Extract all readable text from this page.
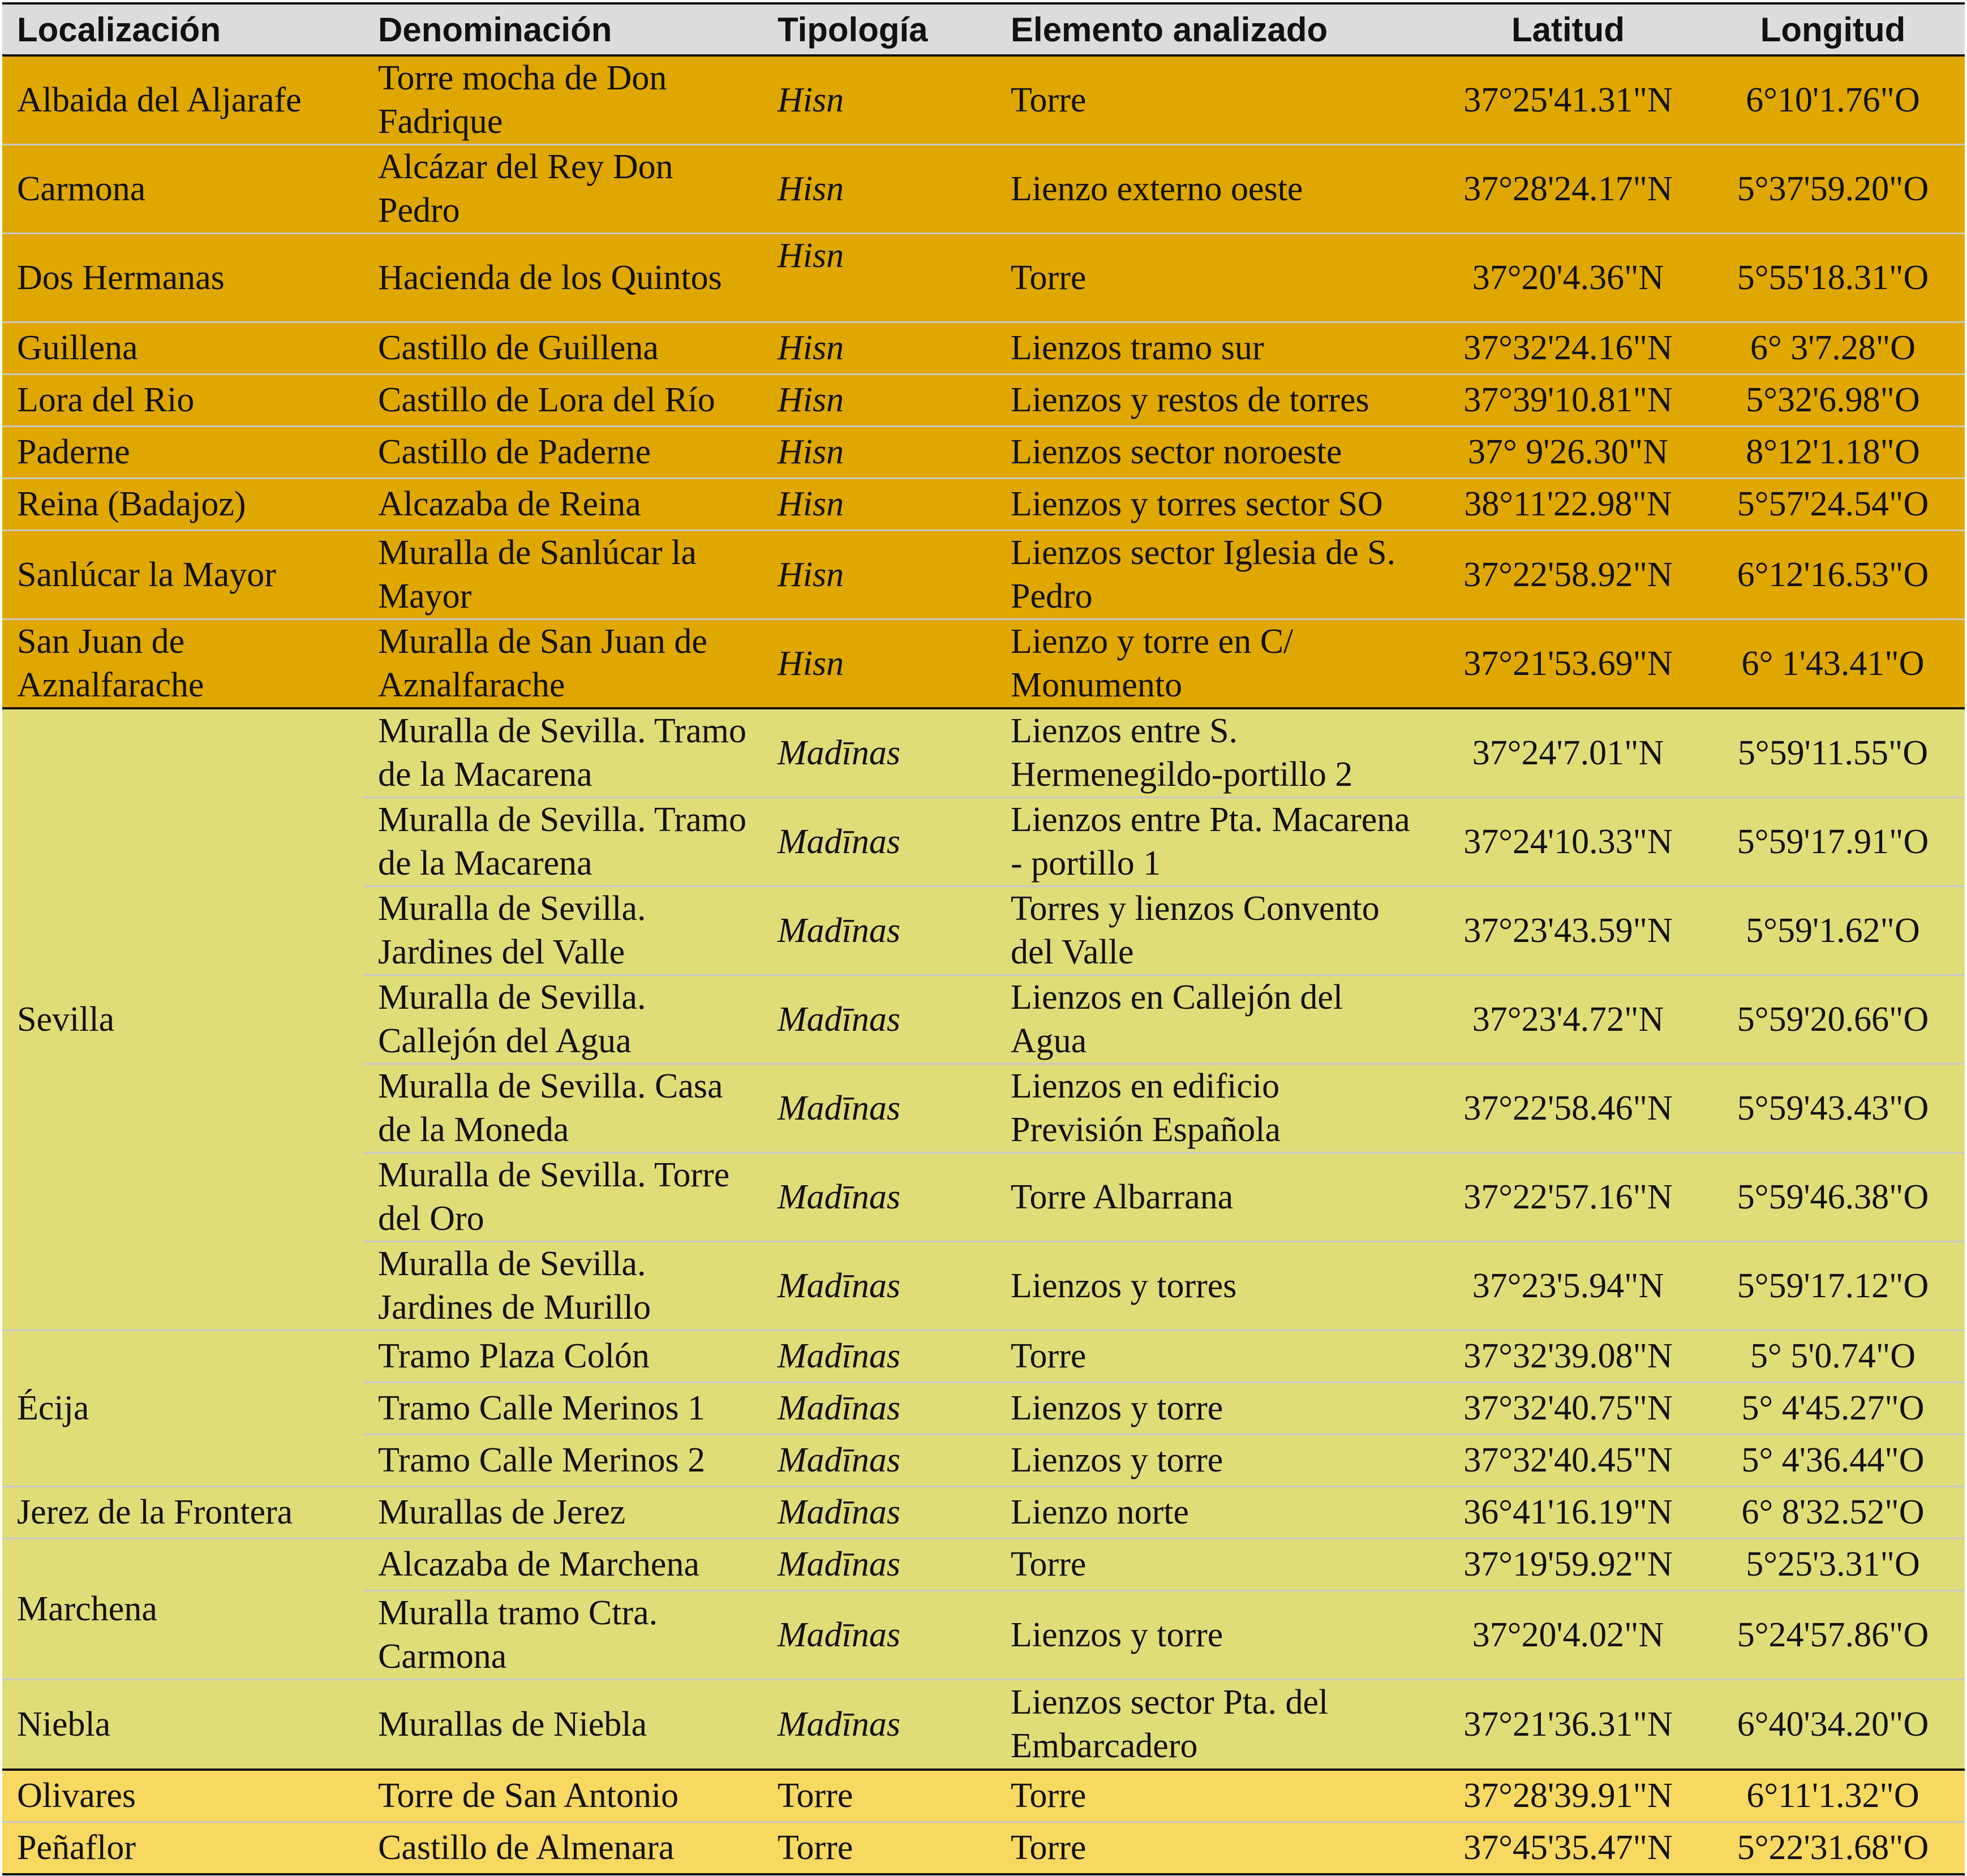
Localización	Denominación	Tipología	Elemento analizado	Latitud	Longitud
Albaida del Aljarafe	Torre mocha de Don Fadrique	Hisn	Torre	37°25'41.31"N	6°10'1.76"O
Carmona	Alcázar del Rey Don Pedro	Hisn	Lienzo externo oeste	37°28'24.17"N	5°37'59.20"O
Dos Hermanas	Hacienda de los Quintos	Hisn	Torre	37°20'4.36"N	5°55'18.31"O
Guillena	Castillo de Guillena	Hisn	Lienzos tramo sur	37°32'24.16"N	6° 3'7.28"O
Lora del Rio	Castillo de Lora del Río	Hisn	Lienzos y restos de torres	37°39'10.81"N	5°32'6.98"O
Paderne	Castillo de Paderne	Hisn	Lienzos sector noroeste	37° 9'26.30"N	8°12'1.18"O
Reina (Badajoz)	Alcazaba de Reina	Hisn	Lienzos y torres sector SO	38°11'22.98"N	5°57'24.54"O
Sanlúcar la Mayor	Muralla de Sanlúcar la Mayor	Hisn	Lienzos sector Iglesia de S. Pedro	37°22'58.92"N	6°12'16.53"O
San Juan de Aznalfarache	Muralla de San Juan de Aznalfarache	Hisn	Lienzo y torre en C/ Monumento	37°21'53.69"N	6° 1'43.41"O
Sevilla	Muralla de Sevilla. Tramo de la Macarena	Madīnas	Lienzos entre S. Hermenegildo-portillo 2	37°24'7.01"N	5°59'11.55"O
	Muralla de Sevilla. Tramo de la Macarena	Madīnas	Lienzos entre Pta. Macarena - portillo 1	37°24'10.33"N	5°59'17.91"O
	Muralla de Sevilla. Jardines del Valle	Madīnas	Torres y lienzos Convento del Valle	37°23'43.59"N	5°59'1.62"O
	Muralla de Sevilla. Callejón del Agua	Madīnas	Lienzos en Callejón del Agua	37°23'4.72"N	5°59'20.66"O
	Muralla de Sevilla. Casa de la Moneda	Madīnas	Lienzos en edificio Previsión Española	37°22'58.46"N	5°59'43.43"O
	Muralla de Sevilla. Torre del Oro	Madīnas	Torre Albarrana	37°22'57.16"N	5°59'46.38"O
	Muralla de Sevilla. Jardines de Murillo	Madīnas	Lienzos y torres	37°23'5.94"N	5°59'17.12"O
Écija	Tramo Plaza Colón	Madīnas	Torre	37°32'39.08"N	5° 5'0.74"O
	Tramo Calle Merinos 1	Madīnas	Lienzos y torre	37°32'40.75"N	5° 4'45.27"O
	Tramo Calle Merinos 2	Madīnas	Lienzos y torre	37°32'40.45"N	5° 4'36.44"O
Jerez de la Frontera	Murallas de Jerez	Madīnas	Lienzo norte	36°41'16.19"N	6° 8'32.52"O
Marchena	Alcazaba de Marchena	Madīnas	Torre	37°19'59.92"N	5°25'3.31"O
	Muralla tramo Ctra. Carmona	Madīnas	Lienzos y torre	37°20'4.02"N	5°24'57.86"O
Niebla	Murallas de Niebla	Madīnas	Lienzos sector Pta. del Embarcadero	37°21'36.31"N	6°40'34.20"O
Olivares	Torre de San Antonio	Torre	Torre	37°28'39.91"N	6°11'1.32"O
Peñaflor	Castillo de Almenara	Torre	Torre	37°45'35.47"N	5°22'31.68"O
